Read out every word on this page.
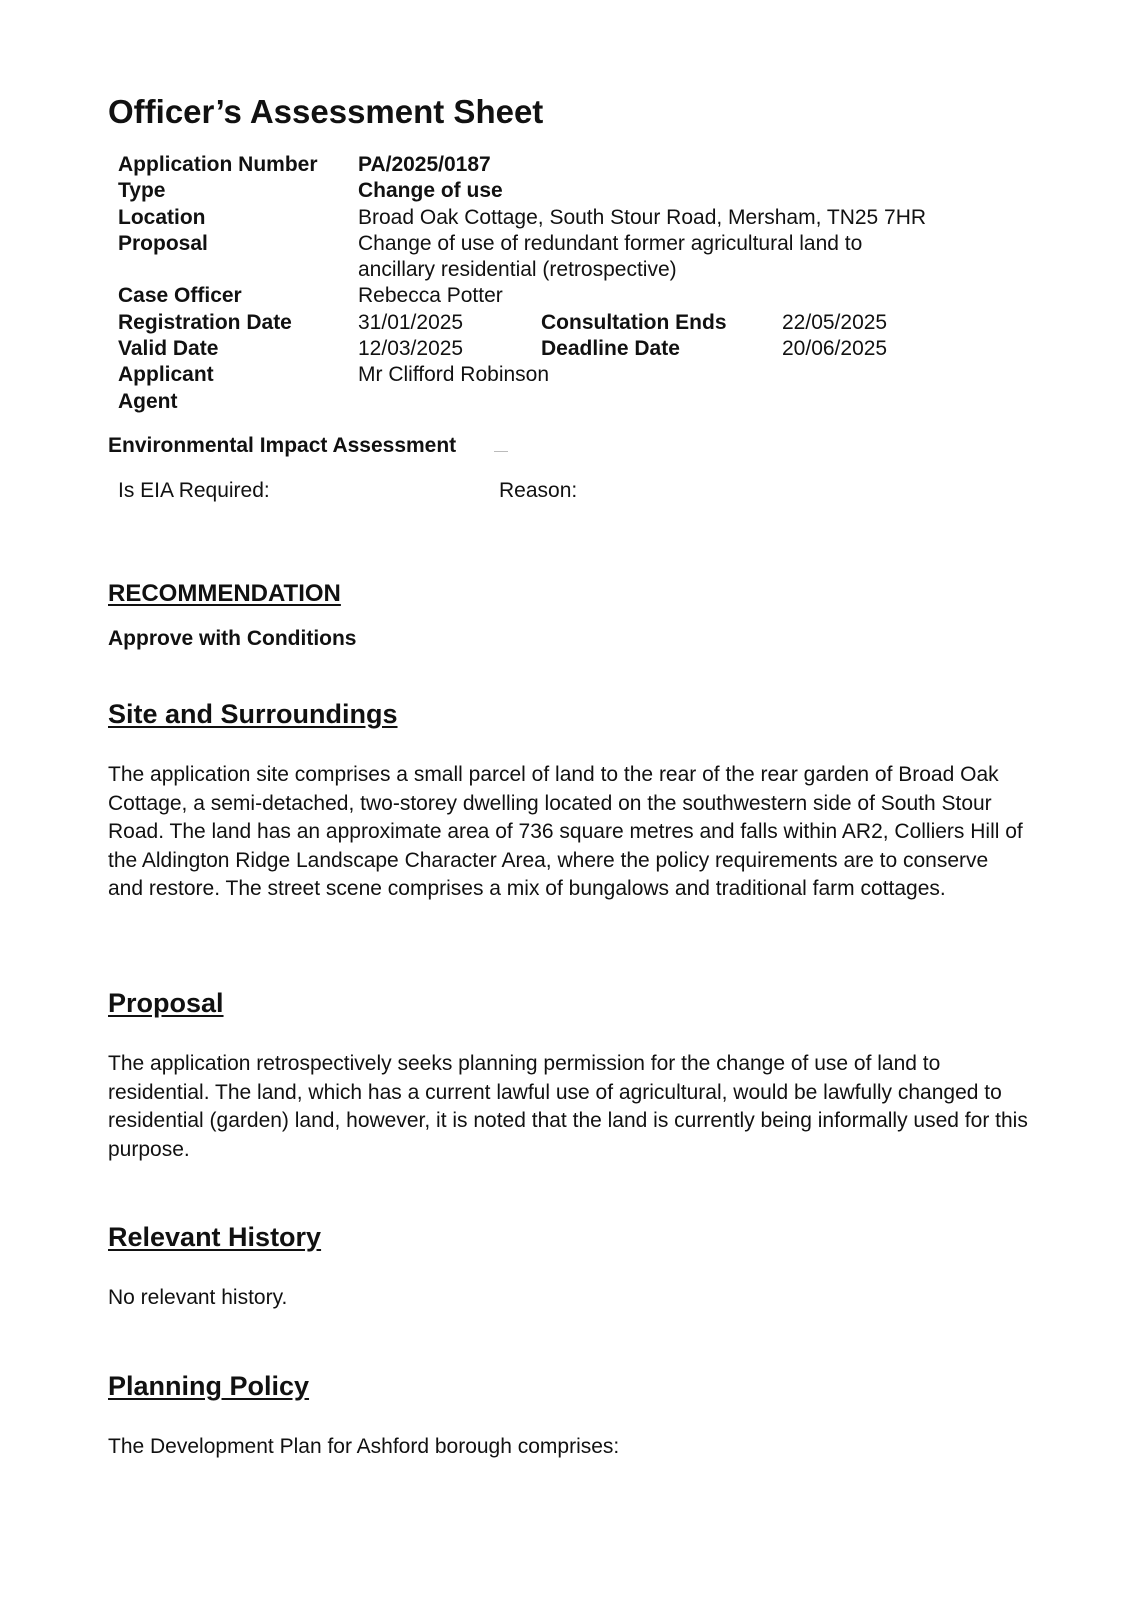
Officer’s Assessment Sheet
Application Number PA/2025/0187
Type	Change of use
Location	Broad Oak Cottage, South Stour Road, Mersham, TN25 7HR
Proposal	Change of use of redundant former agricultural land to ancillary residential (retrospective)
Case Officer	Rebecca Potter
Registration Date	31/01/2025	Consultation Ends	22/05/2025
Valid Date	12/03/2025	Deadline Date	20/06/2025
Applicant	Mr Clifford Robinson
Agent
Environmental Impact Assessment
Is EIA Required:	Reason:
RECOMMENDATION
Approve with Conditions
Site and Surroundings

The application site comprises a small parcel of land to the rear of the rear garden of Broad Oak Cottage, a semi-detached, two-storey dwelling located on the southwestern side of South Stour Road. The land has an approximate area of 736 square metres and falls within AR2, Colliers Hill of the Aldington Ridge Landscape Character Area, where the policy requirements are to conserve and restore. The street scene comprises a mix of bungalows and traditional farm cottages.

Proposal

The application retrospectively seeks planning permission for the change of use of land to residential. The land, which has a current lawful use of agricultural, would be lawfully changed to residential (garden) land, however, it is noted that the land is currently being informally used for this purpose.

Relevant History

No relevant history.

Planning Policy

The Development Plan for Ashford borough comprises:
